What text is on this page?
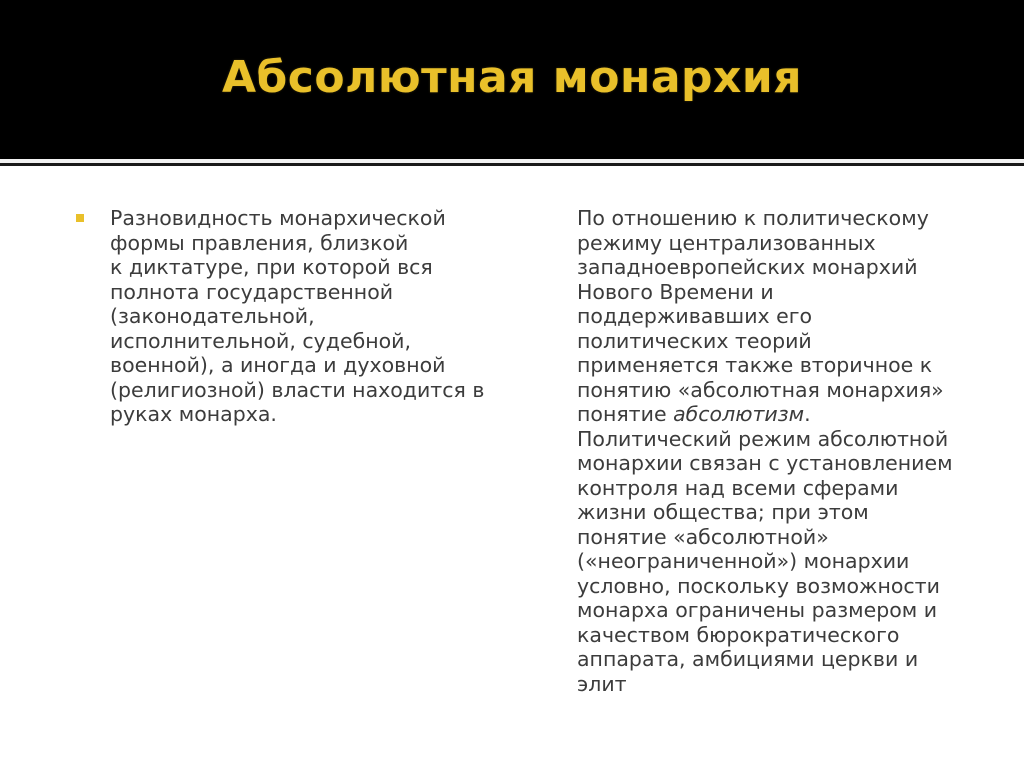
Абсолютная монархия
Разновидность монархической
формы правления, близкой
к диктатуре, при которой вся
полнота государственной
(законодательной,
исполнительной, судебной,
военной), а иногда и духовной
(религиозной) власти находится в
руках монарха.
По отношению к политическому
режиму централизованных
западноевропейских монархий
Нового Времени и
поддерживавших его
политических теорий
применяется также вторичное к
понятию «абсолютная монархия»
понятие абсолютизм.
Политический режим абсолютной
монархии связан с установлением
контроля над всеми сферами
жизни общества; при этом
понятие «абсолютной»
(«неограниченной») монархии
условно, поскольку возможности
монарха ограничены размером и
качеством бюрократического
аппарата, амбициями церкви и
элит
